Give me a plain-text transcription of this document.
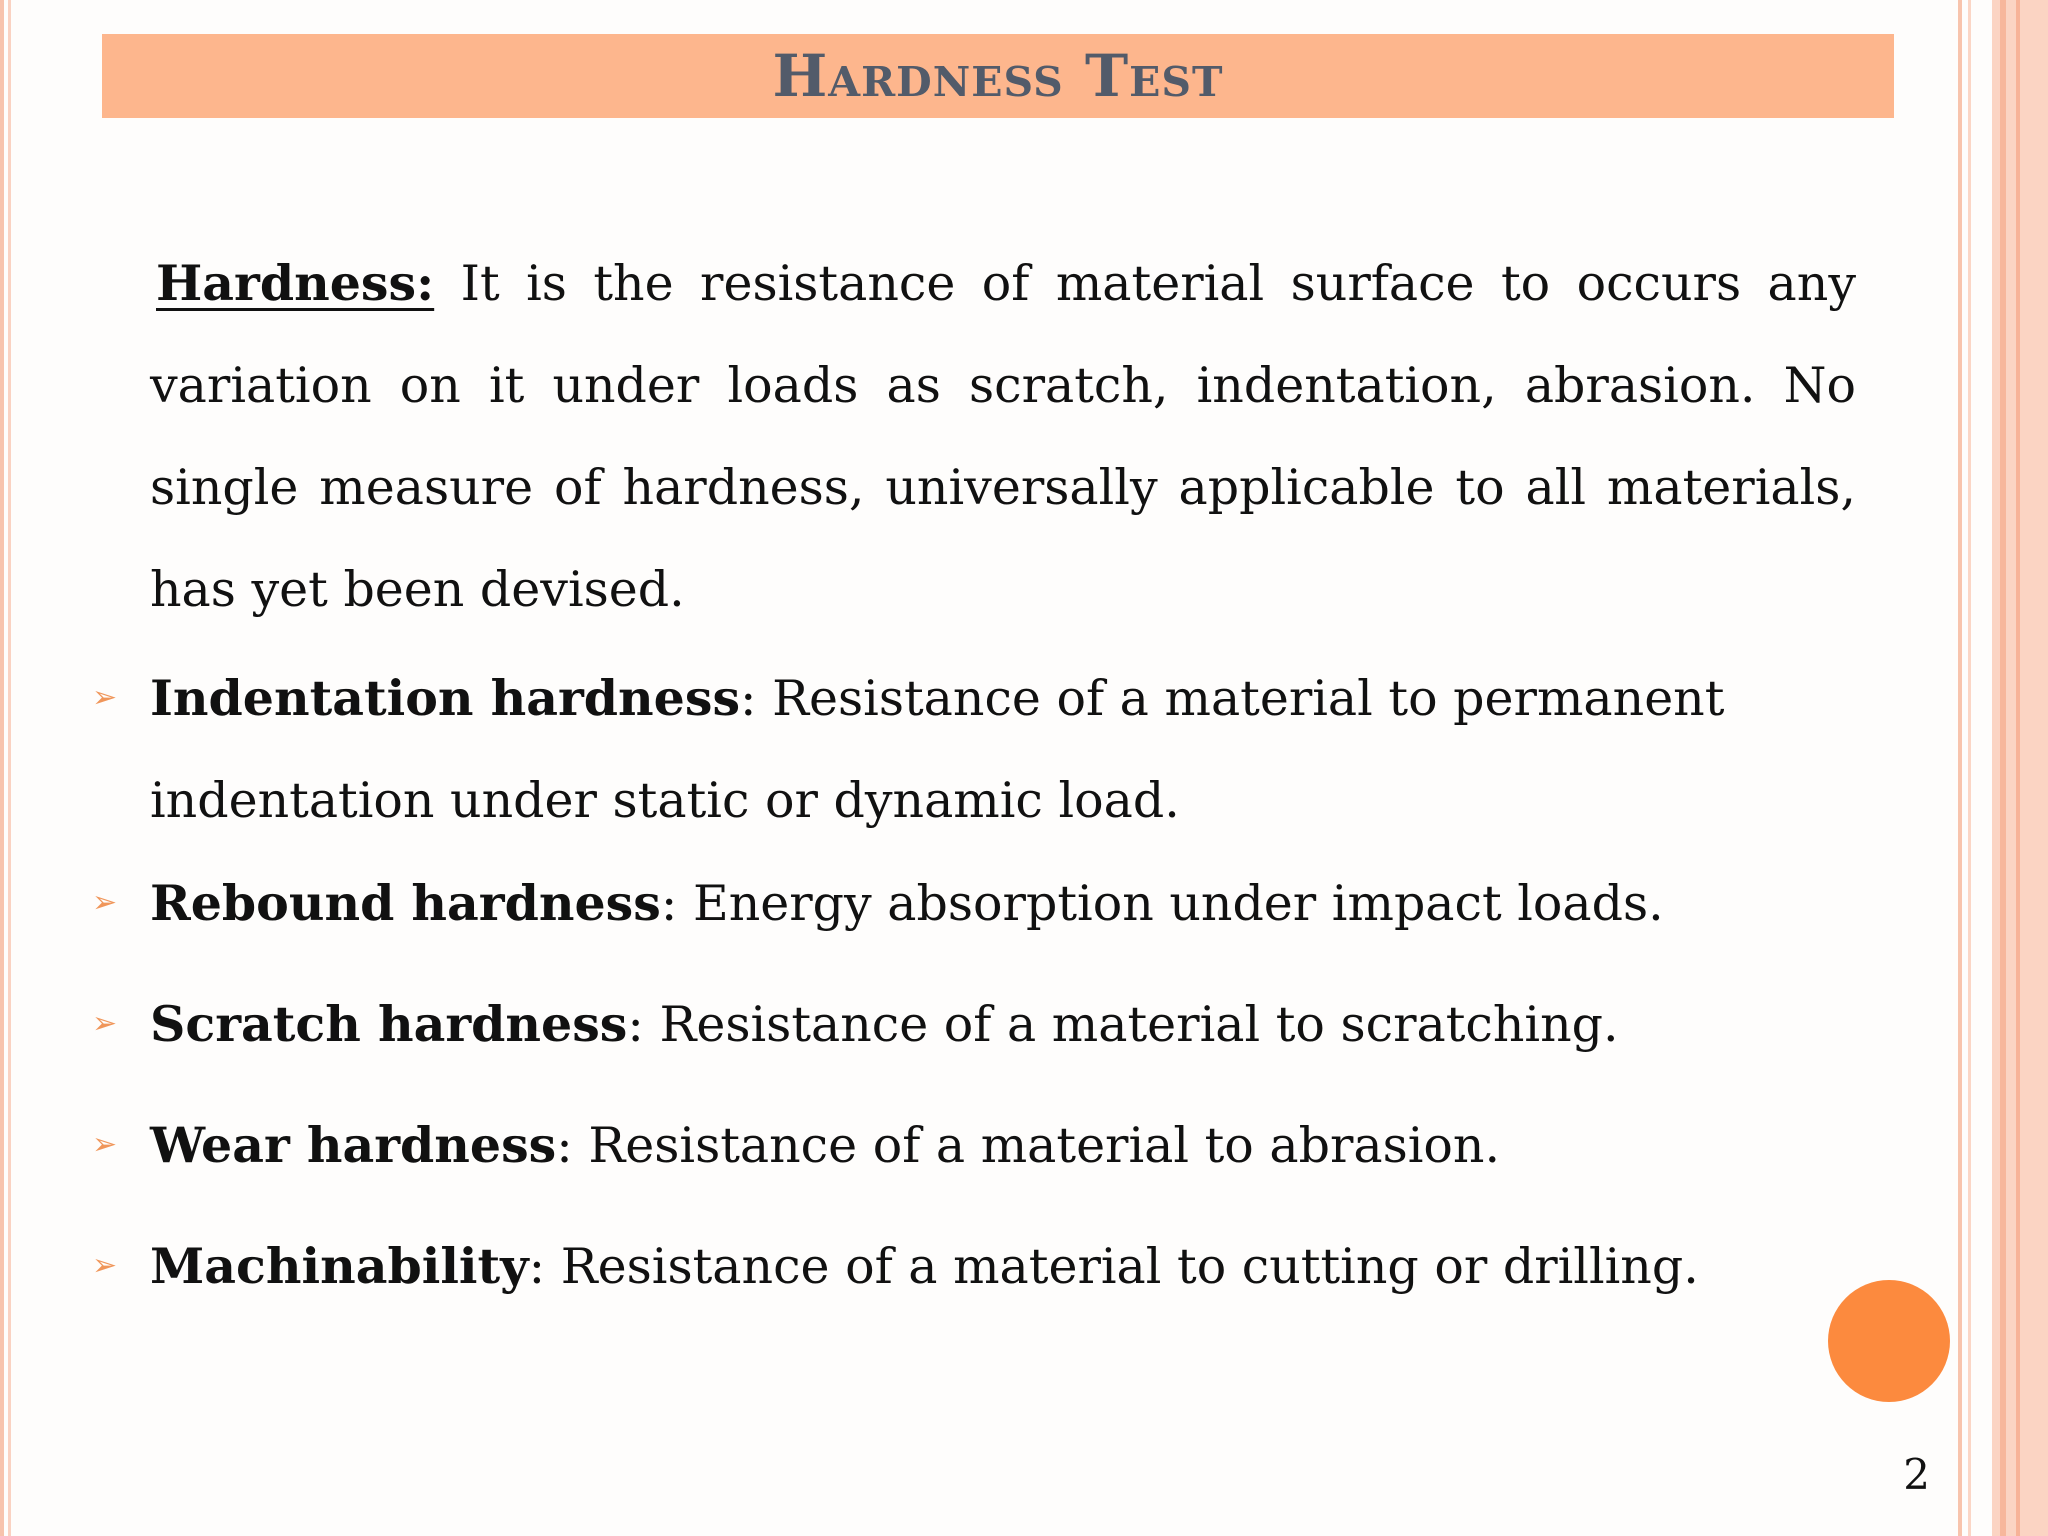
Hardness Test

Hardness: It is the resistance of material surface to occurs any variation on it under loads as scratch, indentation, abrasion. No single measure of hardness, universally applicable to all materials, has yet been devised.

➢ Indentation hardness: Resistance of a material to permanent indentation under static or dynamic load.
➢ Rebound hardness: Energy absorption under impact loads.
➢ Scratch hardness: Resistance of a material to scratching.
➢ Wear hardness: Resistance of a material to abrasion.
➢ Machinability: Resistance of a material to cutting or drilling.
2
